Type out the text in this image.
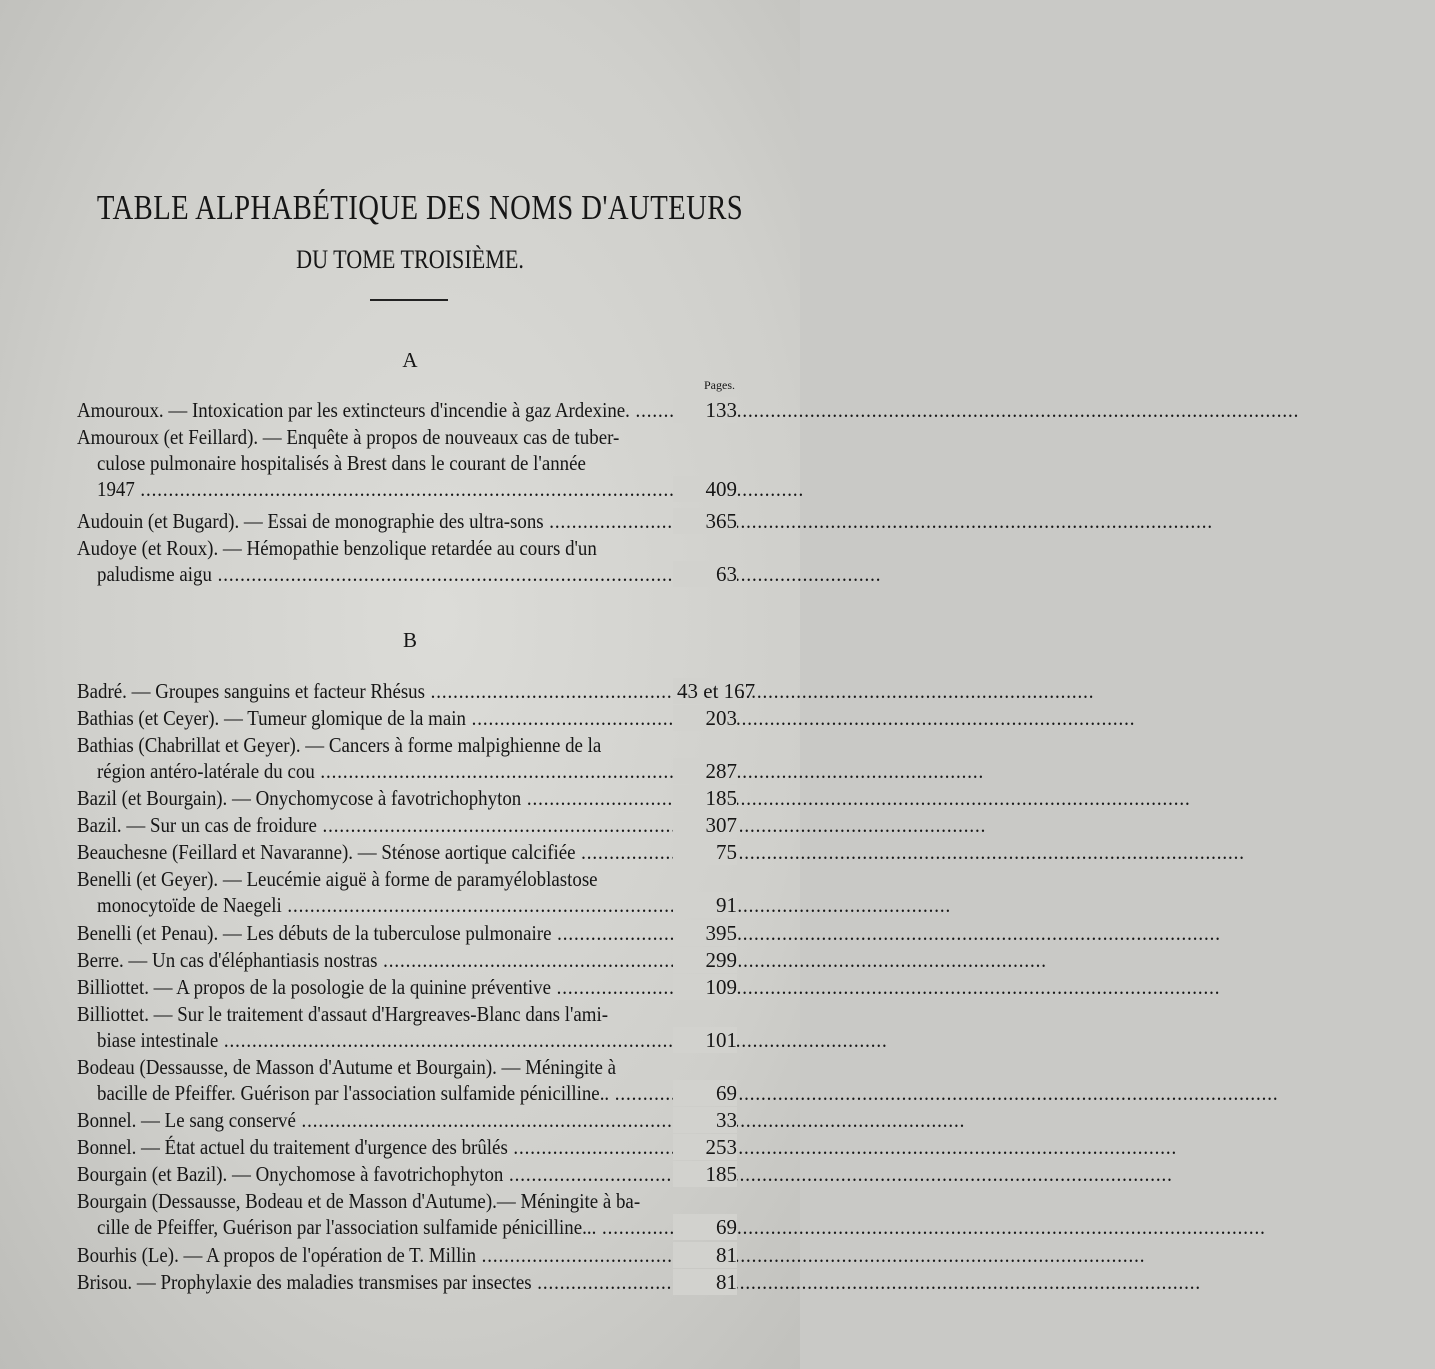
TABLE ALPHABÉTIQUE DES NOMS D'AUTEURS
DU TOME TROISIÈME.
A
Pages.
Amouroux. — Intoxication par les extincteurs d'incendie à gaz Ardexine. .....	133
Amouroux (et Feillard). — Enquête à propos de nouveaux cas de tuber-
culose pulmonaire hospitalisés à Brest dans le courant de l'année
1947 .....	409
Audouin (et Bugard). — Essai de monographie des ultra-sons .....	365
Audoye (et Roux). — Hémopathie benzolique retardée au cours d'un
paludisme aigu .....	63
B
Badré. — Groupes sanguins et facteur Rhésus .....	43 et 167
Bathias (et Ceyer). — Tumeur glomique de la main .....	203
Bathias (Chabrillat et Geyer). — Cancers à forme malpighienne de la
région antéro-latérale du cou .....	287
Bazil (et Bourgain). — Onychomycose à favotrichophyton .....	185
Bazil. — Sur un cas de froidure .....	307
Beauchesne (Feillard et Navaranne). — Sténose aortique calcifiée .....	75
Benelli (et Geyer). — Leucémie aiguë à forme de paramyéloblastose
monocytoïde de Naegeli .....	91
Benelli (et Penau). — Les débuts de la tuberculose pulmonaire .....	395
Berre. — Un cas d'éléphantiasis nostras .....	299
Billiottet. — A propos de la posologie de la quinine préventive .....	109
Billiottet. — Sur le traitement d'assaut d'Hargreaves-Blanc dans l'ami-
biase intestinale .....	101
Bodeau (Dessausse, de Masson d'Autume et Bourgain). — Méningite à
bacille de Pfeiffer. Guérison par l'association sulfamide pénicilline.. .....	69
Bonnel. — Le sang conservé .....	33
Bonnel. — État actuel du traitement d'urgence des brûlés .....	253
Bourgain (et Bazil). — Onychomose à favotrichophyton .....	185
Bourgain (Dessausse, Bodeau et de Masson d'Autume).— Méningite à ba-
cille de Pfeiffer, Guérison par l'association sulfamide pénicilline... .....	69
Bourhis (Le). — A propos de l'opération de T. Millin .....	81
Brisou. — Prophylaxie des maladies transmises par insectes .....	81
